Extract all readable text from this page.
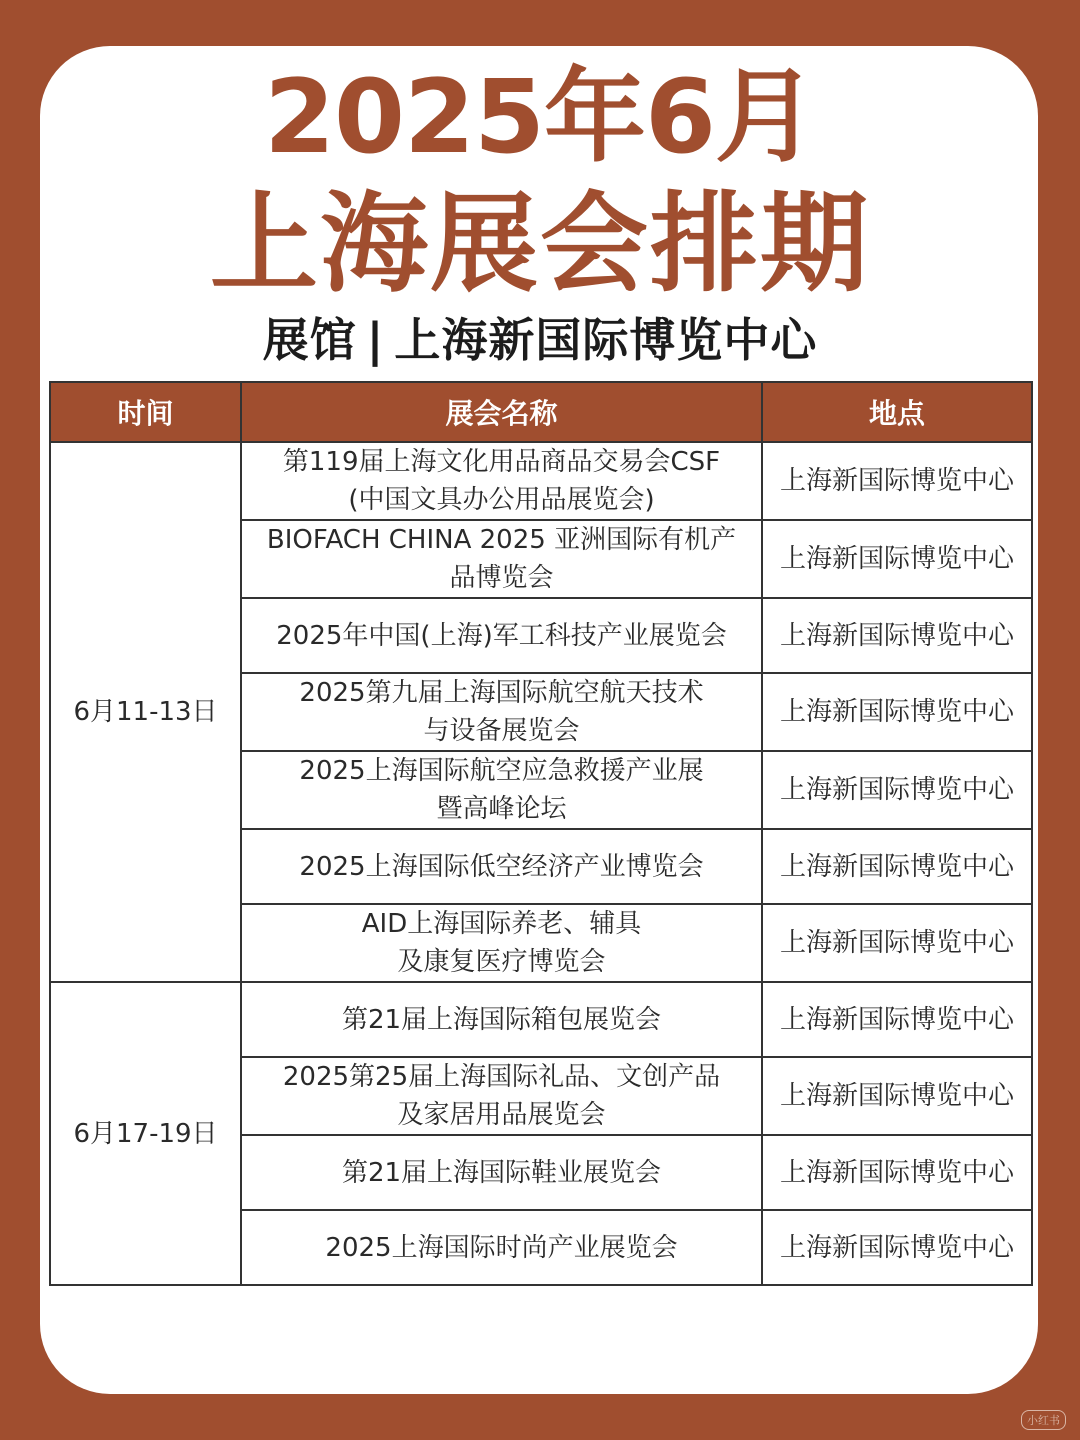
2025年6月
上海展会排期
展馆 | 上海新国际博览中心
时间	展会名称	地点
6月11-13日	第119届上海文化用品商品交易会CSF
(中国文具办公用品展览会)	上海新国际博览中心

	BIOFACH CHINA 2025 亚洲国际有机产
品博览会	上海新国际博览中心

	2025年中国(上海)军工科技产业展览会	上海新国际博览中心

	2025第九届上海国际航空航天技术
与设备展览会	上海新国际博览中心

	2025上海国际航空应急救援产业展
暨高峰论坛	上海新国际博览中心

	2025上海国际低空经济产业博览会	上海新国际博览中心

	AID上海国际养老、辅具
及康复医疗博览会	上海新国际博览中心
6月17-19日	第21届上海国际箱包展览会	上海新国际博览中心

	2025第25届上海国际礼品、文创产品
及家居用品展览会	上海新国际博览中心

	第21届上海国际鞋业展览会	上海新国际博览中心

	2025上海国际时尚产业展览会	上海新国际博览中心
小红书
